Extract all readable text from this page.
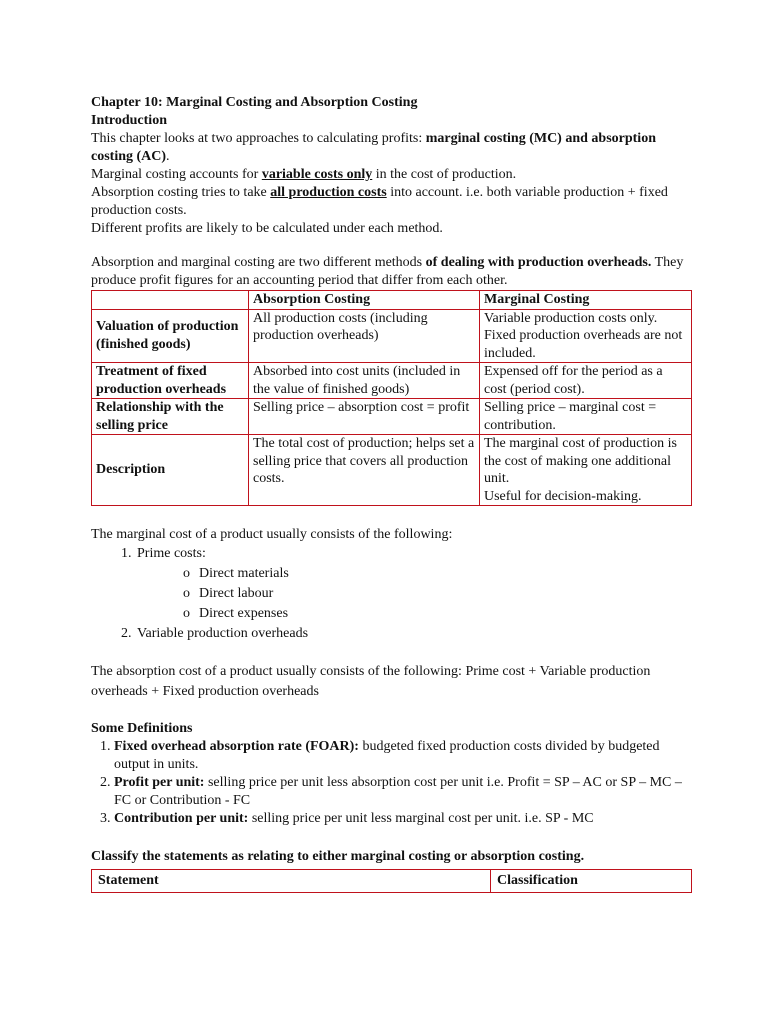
Chapter 10: Marginal Costing and Absorption Costing

Introduction

This chapter looks at two approaches to calculating profits: marginal costing (MC) and absorption costing (AC).

Marginal costing accounts for variable costs only in the cost of production.

Absorption costing tries to take all production costs into account. i.e. both variable production + fixed production costs.

Different profits are likely to be calculated under each method.

Absorption and marginal costing are two different methods of dealing with production overheads. They produce profit figures for an accounting period that differ from each other.

	Absorption Costing	Marginal Costing
Valuation of production (finished goods)	All production costs (including production overheads)	Variable production costs only. Fixed production overheads are not included.
Treatment of fixed production overheads	Absorbed into cost units (included in the value of finished goods)	Expensed off for the period as a cost (period cost).
Relationship with the selling price	Selling price – absorption cost = profit	Selling price – marginal cost = contribution.
Description	The total cost of production; helps set a selling price that covers all production costs.	The marginal cost of production is the cost of making one additional unit.
Useful for decision-making.

The marginal cost of a product usually consists of the following:

1. Prime costs:
o Direct materials
o Direct labour
o Direct expenses
2. Variable production overheads

The absorption cost of a product usually consists of the following: Prime cost + Variable production overheads + Fixed production overheads

Some Definitions

1. Fixed overhead absorption rate (FOAR): budgeted fixed production costs divided by budgeted output in units.
2. Profit per unit: selling price per unit less absorption cost per unit i.e. Profit = SP – AC or SP – MC – FC or Contribution - FC
3. Contribution per unit: selling price per unit less marginal cost per unit. i.e. SP - MC

Classify the statements as relating to either marginal costing or absorption costing.

Statement	Classification
